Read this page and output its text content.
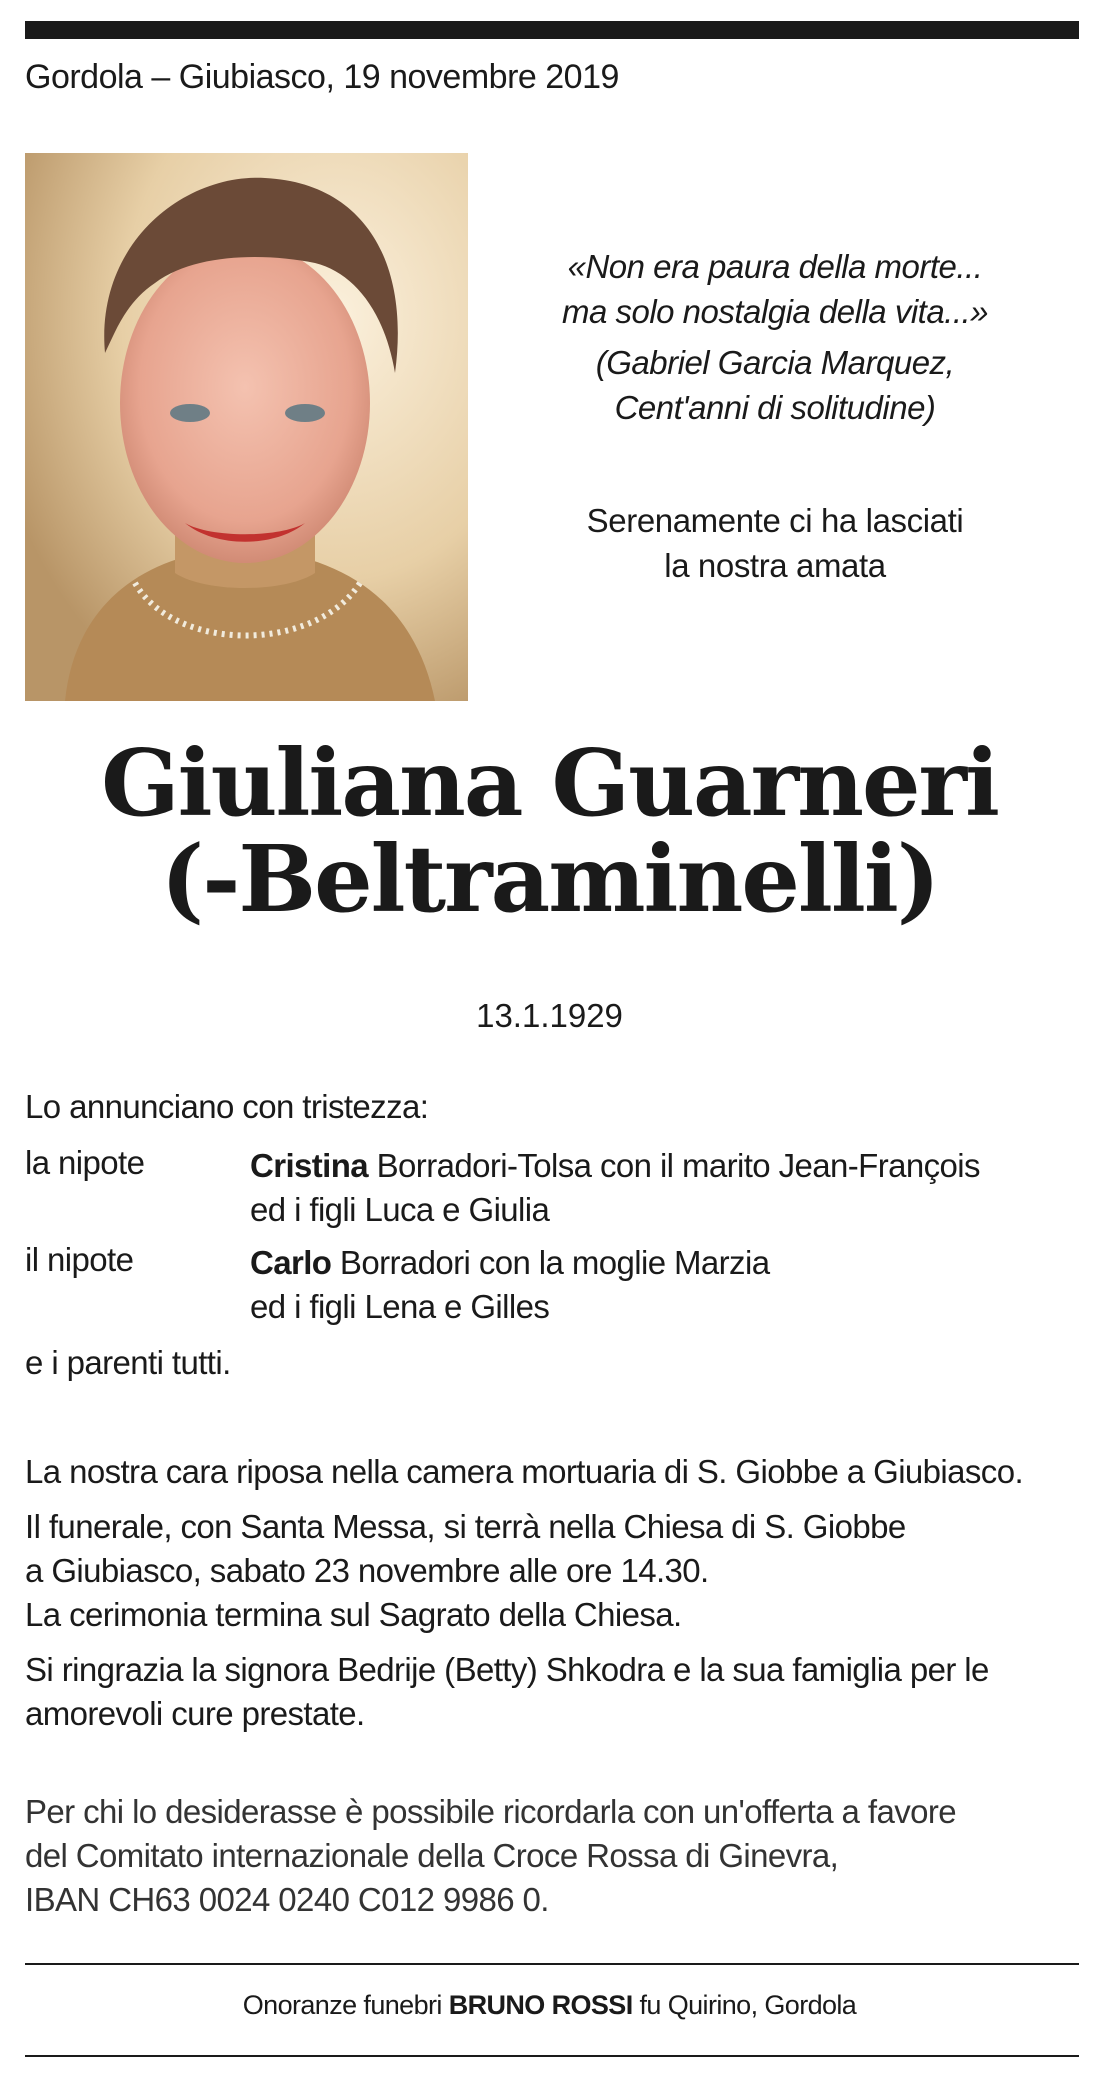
Gordola – Giubiasco, 19 novembre 2019
«Non era paura della morte...
ma solo nostalgia della vita...»
(Gabriel Garcia Marquez,
Cent'anni di solitudine)
Serenamente ci ha lasciati
la nostra amata
Giuliana Guarneri
(-Beltraminelli)
13.1.1929
Lo annunciano con tristezza:
la nipote	Cristina Borradori-Tolsa con il marito Jean-François
ed i figli Luca e Giulia
il nipote	Carlo Borradori con la moglie Marzia
ed i figli Lena e Gilles
e i parenti tutti.
La nostra cara riposa nella camera mortuaria di S. Giobbe a Giubiasco.
Il funerale, con Santa Messa, si terrà nella Chiesa di S. Giobbe
a Giubiasco, sabato 23 novembre alle ore 14.30.
La cerimonia termina sul Sagrato della Chiesa.
Si ringrazia la signora Bedrije (Betty) Shkodra e la sua famiglia per le
amorevoli cure prestate.
Per chi lo desiderasse è possibile ricordarla con un'offerta a favore
del Comitato internazionale della Croce Rossa di Ginevra,
IBAN CH63 0024 0240 C012 9986 0.
Onoranze funebri BRUNO ROSSI fu Quirino, Gordola
